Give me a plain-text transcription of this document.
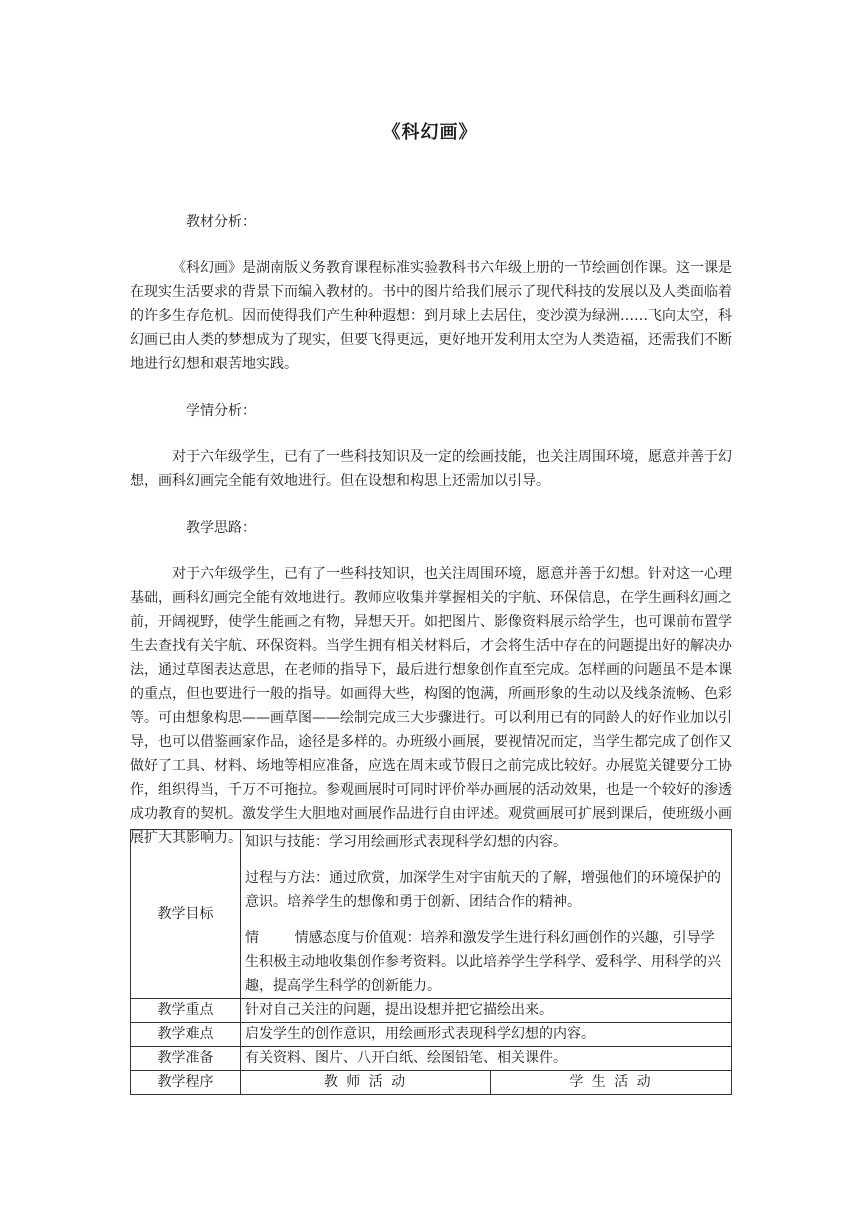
《科幻画》

教材分析：

《科幻画》是湖南版义务教育课程标准实验教科书六年级上册的一节绘画创作课。这一课是在现实生活要求的背景下而编入教材的。书中的图片给我们展示了现代科技的发展以及人类面临着的许多生存危机。因而使得我们产生种种遐想：到月球上去居住，变沙漠为绿洲……飞向太空，科幻画已由人类的梦想成为了现实，但要飞得更远，更好地开发利用太空为人类造福，还需我们不断地进行幻想和艰苦地实践。

学情分析：

对于六年级学生，已有了一些科技知识及一定的绘画技能，也关注周围环境，愿意并善于幻想，画科幻画完全能有效地进行。但在设想和构思上还需加以引导。

教学思路：

对于六年级学生，已有了一些科技知识，也关注周围环境，愿意并善于幻想。针对这一心理基础，画科幻画完全能有效地进行。教师应收集并掌握相关的宇航、环保信息，在学生画科幻画之前，开阔视野，使学生能画之有物，异想天开。如把图片、影像资料展示给学生，也可课前布置学生去查找有关宇航、环保资料。当学生拥有相关材料后，才会将生活中存在的问题提出好的解决办法，通过草图表达意思，在老师的指导下，最后进行想象创作直至完成。怎样画的问题虽不是本课的重点，但也要进行一般的指导。如画得大些，构图的饱满，所画形象的生动以及线条流畅、色彩等。可由想象构思——画草图——绘制完成三大步骤进行。可以利用已有的同龄人的好作业加以引导，也可以借鉴画家作品，途径是多样的。办班级小画展，要视情况而定，当学生都完成了创作又做好了工具、材料、场地等相应准备，应选在周末或节假日之前完成比较好。办展览关键要分工协作，组织得当，千万不可拖拉。参观画展时可同时评价举办画展的活动效果，也是一个较好的渗透成功教育的契机。激发学生大胆地对画展作品进行自由评述。观赏画展可扩展到课后，使班级小画展扩大其影响力。

教学目标	知识与技能：学习用绘画形式表现科学幻想的内容。

过程与方法：通过欣赏，加深学生对宇宙航天的了解，增强他们的环境保护的意识。培养学生的想像和勇于创新、团结合作的精神。

情        情感态度与价值观：培养和激发学生进行科幻画创作的兴趣，引导学生积极主动地收集创作参考资料。以此培养学生学科学、爱科学、用科学的兴趣，提高学生科学的创新能力。	

教学重点	针对自己关注的问题，提出设想并把它描绘出来。	
教学难点	启发学生的创作意识，用绘画形式表现科学幻想的内容。	
教学准备	有关资料、图片、八开白纸、绘图铅笔、相关课件。	
教学程序	教 师 活 动	学 生 活 动
